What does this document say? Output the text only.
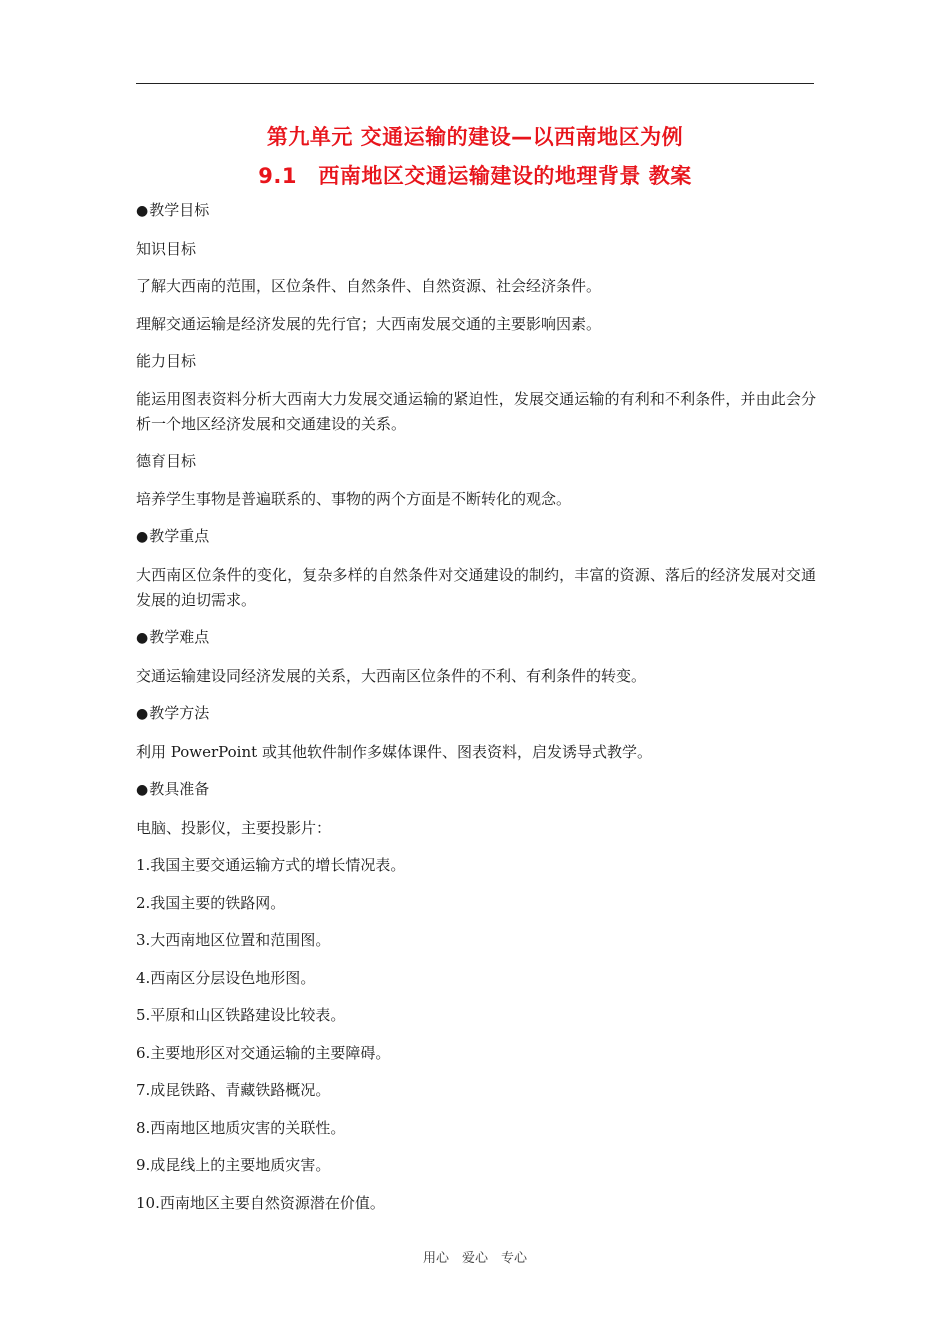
第九单元 交通运输的建设—以西南地区为例
9.1　西南地区交通运输建设的地理背景 教案
●教学目标
知识目标
了解大西南的范围，区位条件、自然条件、自然资源、社会经济条件。
理解交通运输是经济发展的先行官；大西南发展交通的主要影响因素。
能力目标
能运用图表资料分析大西南大力发展交通运输的紧迫性，发展交通运输的有利和不利条件，并由此会分析一个地区经济发展和交通建设的关系。
德育目标
培养学生事物是普遍联系的、事物的两个方面是不断转化的观念。
●教学重点
大西南区位条件的变化，复杂多样的自然条件对交通建设的制约，丰富的资源、落后的经济发展对交通发展的迫切需求。
●教学难点
交通运输建设同经济发展的关系，大西南区位条件的不利、有利条件的转变。
●教学方法
利用 PowerPoint 或其他软件制作多媒体课件、图表资料，启发诱导式教学。
●教具准备
电脑、投影仪，主要投影片：
1.我国主要交通运输方式的增长情况表。
2.我国主要的铁路网。
3.大西南地区位置和范围图。
4.西南区分层设色地形图。
5.平原和山区铁路建设比较表。
6.主要地形区对交通运输的主要障碍。
7.成昆铁路、青藏铁路概况。
8.西南地区地质灾害的关联性。
9.成昆线上的主要地质灾害。
10.西南地区主要自然资源潜在价值。
用心　爱心　专心
